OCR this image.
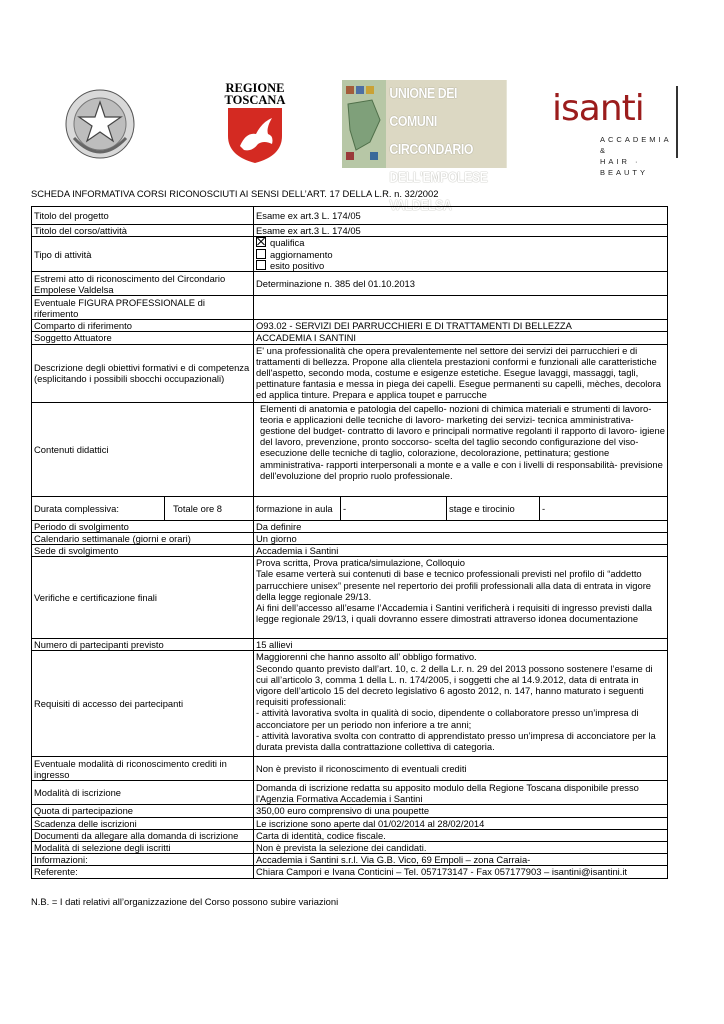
REGIONE
TOSCANA	UNIONE DEI COMUNI
CIRCONDARIO
DELL'EMPOLESE VALDELSA
isanti
ACCADEMIA &
HAIR · BEAUTY
SCHEDA INFORMATIVA CORSI RICONOSCIUTI AI SENSI DELL’ART. 17 DELLA L.R. n. 32/2002
Titolo del progetto		Esame ex art.3 L. 174/05			
Titolo del corso/attività		Esame ex art.3 L. 174/05			
Tipo di attività		qualifica
aggiornamento
esito positivo			

Estremi atto di riconoscimento del Circondario Empolese Valdelsa		Determinazione n. 385 del 01.10.2013			
Eventuale FIGURA PROFESSIONALE di riferimento					
Comparto di riferimento		O93.02 - SERVIZI DEI PARRUCCHIERI E DI TRATTAMENTI DI BELLEZZA			
Soggetto Attuatore		ACCADEMIA I SANTINI			
Descrizione degli obiettivi formativi e di competenza (esplicitando i possibili sbocchi occupazionali)		E' una professionalità che opera prevalentemente nel settore dei servizi dei parrucchieri e di trattamenti di bellezza. Propone alla clientela prestazioni conformi e funzionali alle caratteristiche dell'aspetto, secondo moda, costume e esigenze estetiche. Esegue lavaggi, massaggi, tagli, pettinature fantasia e messa in piega dei capelli. Esegue permanenti su capelli, mèches, decolora ed applica tinture. Prepara e applica toupet e parrucche			
Contenuti didattici		Elementi di anatomia e patologia del capello- nozioni di chimica materiali e strumenti di lavoro- teoria e applicazioni delle tecniche di lavoro- marketing dei servizi- tecnica amministrativa- gestione del budget- contratto di lavoro e principali normative regolanti il rapporto di lavoro- igiene del lavoro, prevenzione, pronto soccorso- scelta del taglio secondo configurazione del viso- esecuzione delle tecniche di taglio, colorazione, decolorazione, pettinatura; gestione amministrativa- rapporti interpersonali a monte e a valle e con i livelli di responsabilità- previsione dell'evoluzione del proprio ruolo professionale.			
Durata complessiva:	Totale ore 8	formazione in aula	-	stage e tirocinio	-
Periodo di svolgimento		Da definire			
Calendario settimanale (giorni e orari)		Un giorno			
Sede di svolgimento		Accademia i Santini			
Verifiche e certificazione finali		Prova scritta, Prova pratica/simulazione, Colloquio
Tale esame verterà sui contenuti di base e tecnico professionali previsti nel profilo di “addetto parrucchiere unisex” presente nel repertorio dei profili professionali alla data di entrata in vigore della legge regionale 29/13.
Ai fini dell’accesso all’esame l’Accademia i Santini verificherà i requisiti di ingresso previsti dalla legge regionale 29/13, i quali dovranno essere dimostrati attraverso idonea documentazione			

Numero di partecipanti previsto		15 allievi			
Requisiti di accesso dei partecipanti		Maggiorenni che hanno assolto all’ obbligo formativo.
Secondo quanto previsto dall’art. 10, c. 2 della L.r. n. 29 del 2013 possono sostenere l’esame di cui all’articolo 3, comma 1 della L. n. 174/2005, i soggetti che al 14.9.2012, data di entrata in vigore dell’articolo 15 del decreto legislativo 6 agosto 2012, n. 147, hanno maturato i seguenti requisiti professionali:
- attività lavorativa svolta in qualità di socio, dipendente o collaboratore presso un’impresa di acconciatore per un periodo non inferiore a tre anni;
- attività lavorativa svolta con contratto di apprendistato presso un’impresa di acconciatore per la durata prevista dalla contrattazione collettiva di categoria.			

Eventuale modalità di riconoscimento crediti in ingresso		Non è previsto il riconoscimento di eventuali crediti			
Modalità di iscrizione		Domanda di iscrizione redatta su apposito modulo della Regione Toscana disponibile presso l'Agenzia Formativa Accademia i Santini			
Quota di partecipazione		350,00 euro comprensivo di una poupette			
Scadenza delle iscrizioni		Le iscrizione sono aperte dal 01/02/2014 al 28/02/2014			
Documenti da allegare alla domanda di iscrizione		Carta di identità, codice fiscale.			
Modalità di selezione degli iscritti		Non è prevista la selezione dei candidati.			
Informazioni:		Accademia i Santini s.r.l. Via G.B. Vico, 69 Empoli – zona Carraia-			
Referente:		Chiara Campori e Ivana Conticini – Tel. 057173147 - Fax 057177903 – isantini@isantini.it			
N.B. = I dati relativi all’organizzazione del Corso possono subire variazioni
